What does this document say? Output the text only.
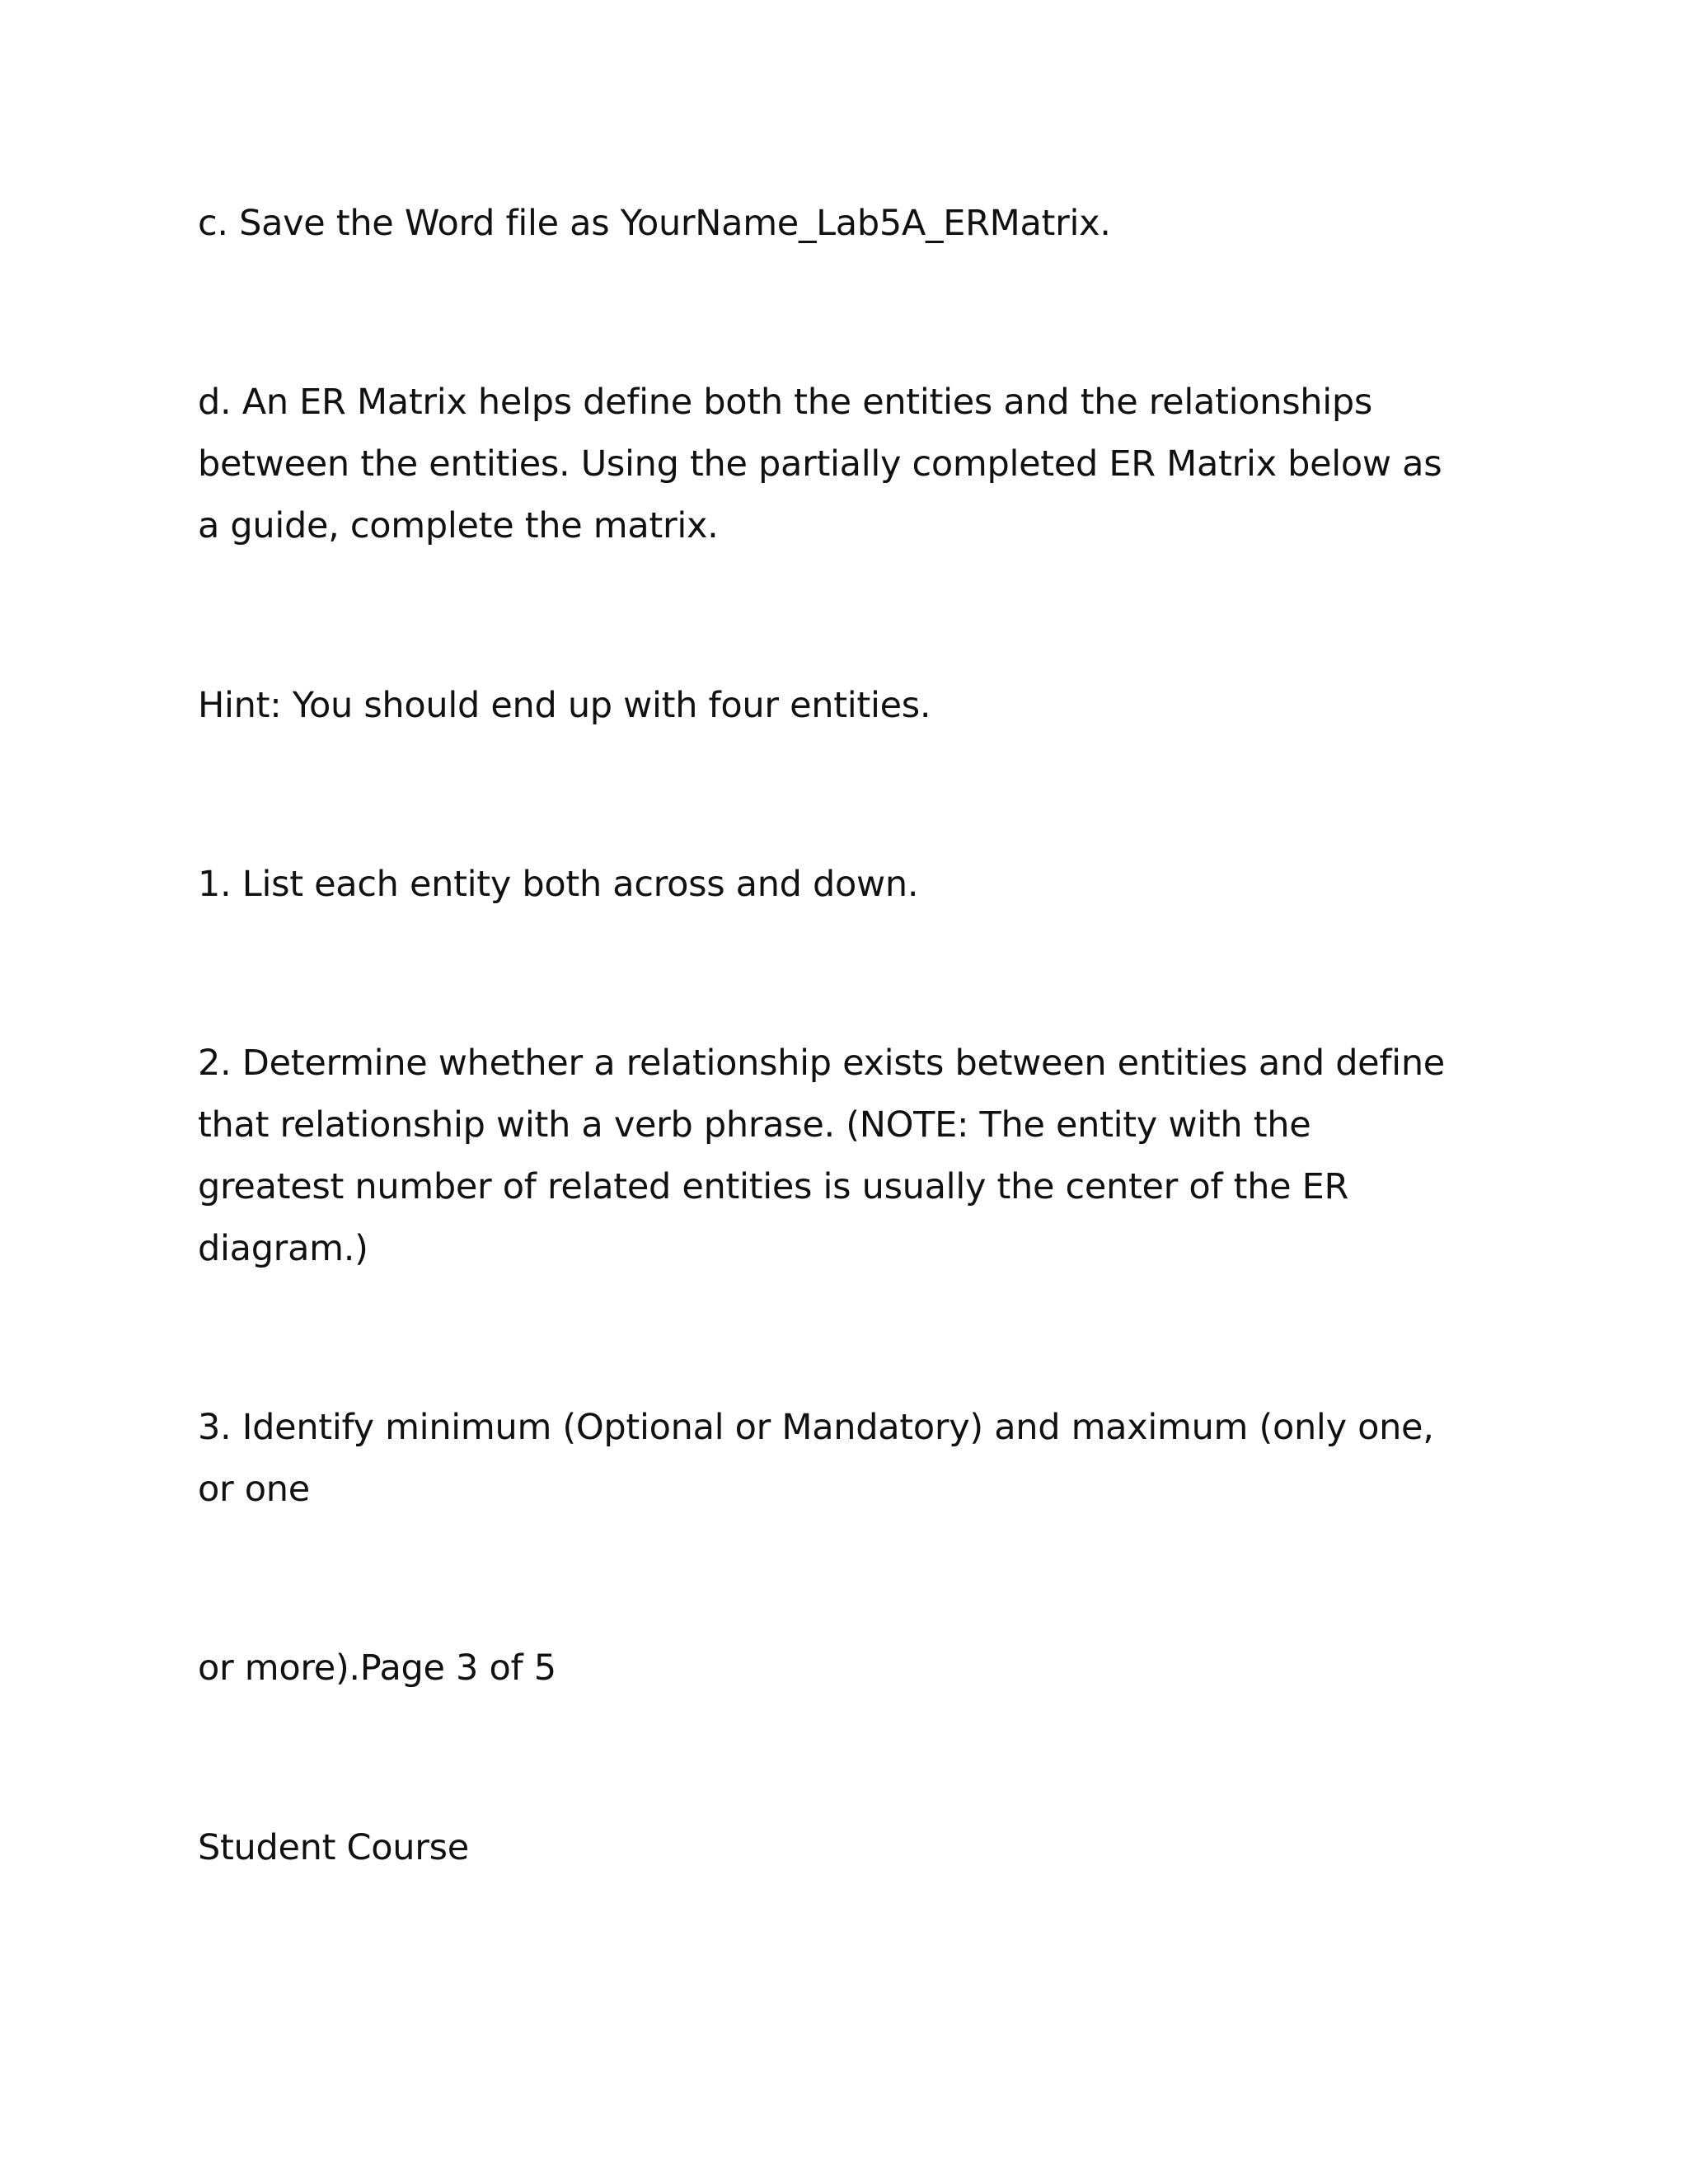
c. Save the Word file as YourName_Lab5A_ERMatrix.

d. An ER Matrix helps define both the entities and the relationships
between the entities. Using the partially completed ER Matrix below as
a guide, complete the matrix.

Hint: You should end up with four entities.

1. List each entity both across and down.

2. Determine whether a relationship exists between entities and define
that relationship with a verb phrase. (NOTE: The entity with the
greatest number of related entities is usually the center of the ER
diagram.)

3. Identify minimum (Optional or Mandatory) and maximum (only one,
or one

or more).Page 3 of 5

Student Course
